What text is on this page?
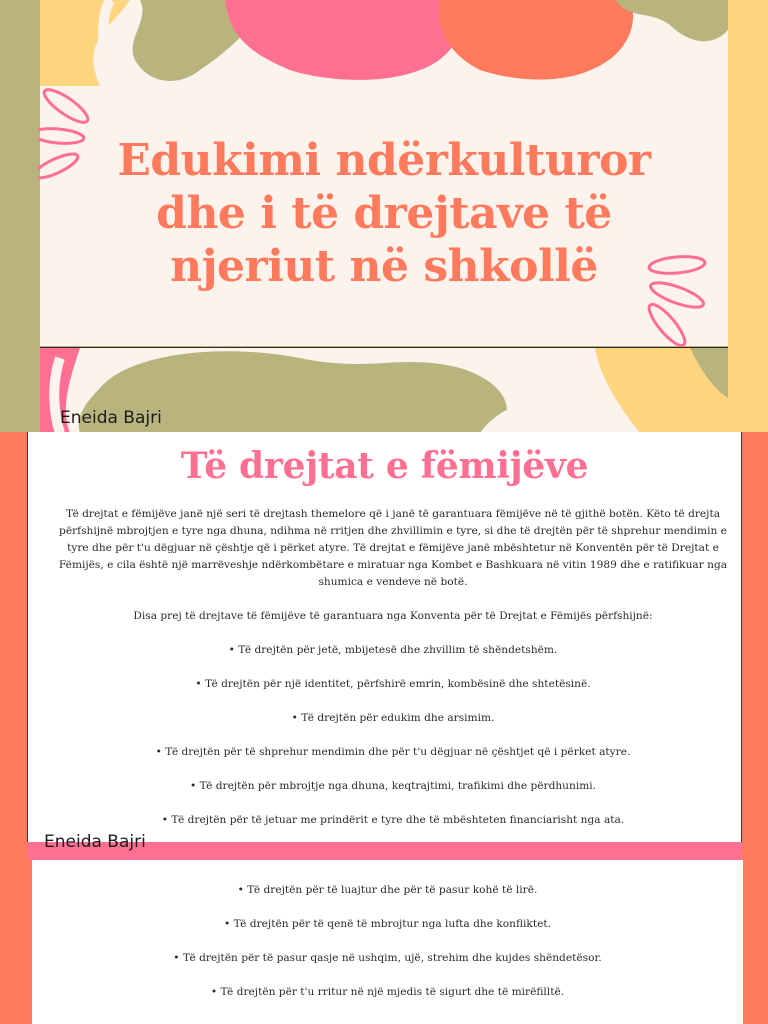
Edukimi ndërkulturor
dhe i të drejtave të
njeriut në shkollë
Eneida Bajri
Të drejtat e fëmijëve

Të drejtat e fëmijëve janë një seri të drejtash themelore që i janë të garantuara fëmijëve në të gjithë botën. Këto të drejta përfshijnë mbrojtjen e tyre nga dhuna, ndihma në rritjen dhe zhvillimin e tyre, si dhe të drejtën për të shprehur mendimin e tyre dhe për t'u dëgjuar në çështje që i përket atyre. Të drejtat e fëmijëve janë mbështetur në Konventën për të Drejtat e Fëmijës, e cila është një marrëveshje ndërkombëtare e miratuar nga Kombet e Bashkuara në vitin 1989 dhe e ratifikuar nga shumica e vendeve në botë.

Disa prej të drejtave të fëmijëve të garantuara nga Konventa për të Drejtat e Fëmijës përfshijnë:

• Të drejtën për jetë, mbijetesë dhe zhvillim të shëndetshëm.

• Të drejtën për një identitet, përfshirë emrin, kombësinë dhe shtetësinë.

• Të drejtën për edukim dhe arsimim.

• Të drejtën për të shprehur mendimin dhe për t'u dëgjuar në çështjet që i përket atyre.

• Të drejtën për mbrojtje nga dhuna, keqtrajtimi, trafikimi dhe përdhunimi.

• Të drejtën për të jetuar me prindërit e tyre dhe të mbështeten financiarisht nga ata.

Eneida Bajri

• Të drejtën për të luajtur dhe për të pasur kohë të lirë.

• Të drejtën për të qenë të mbrojtur nga lufta dhe konfliktet.

• Të drejtën për të pasur qasje në ushqim, ujë, strehim dhe kujdes shëndetësor.

• Të drejtën për t'u rritur në një mjedis të sigurt dhe të mirëfilltë.
